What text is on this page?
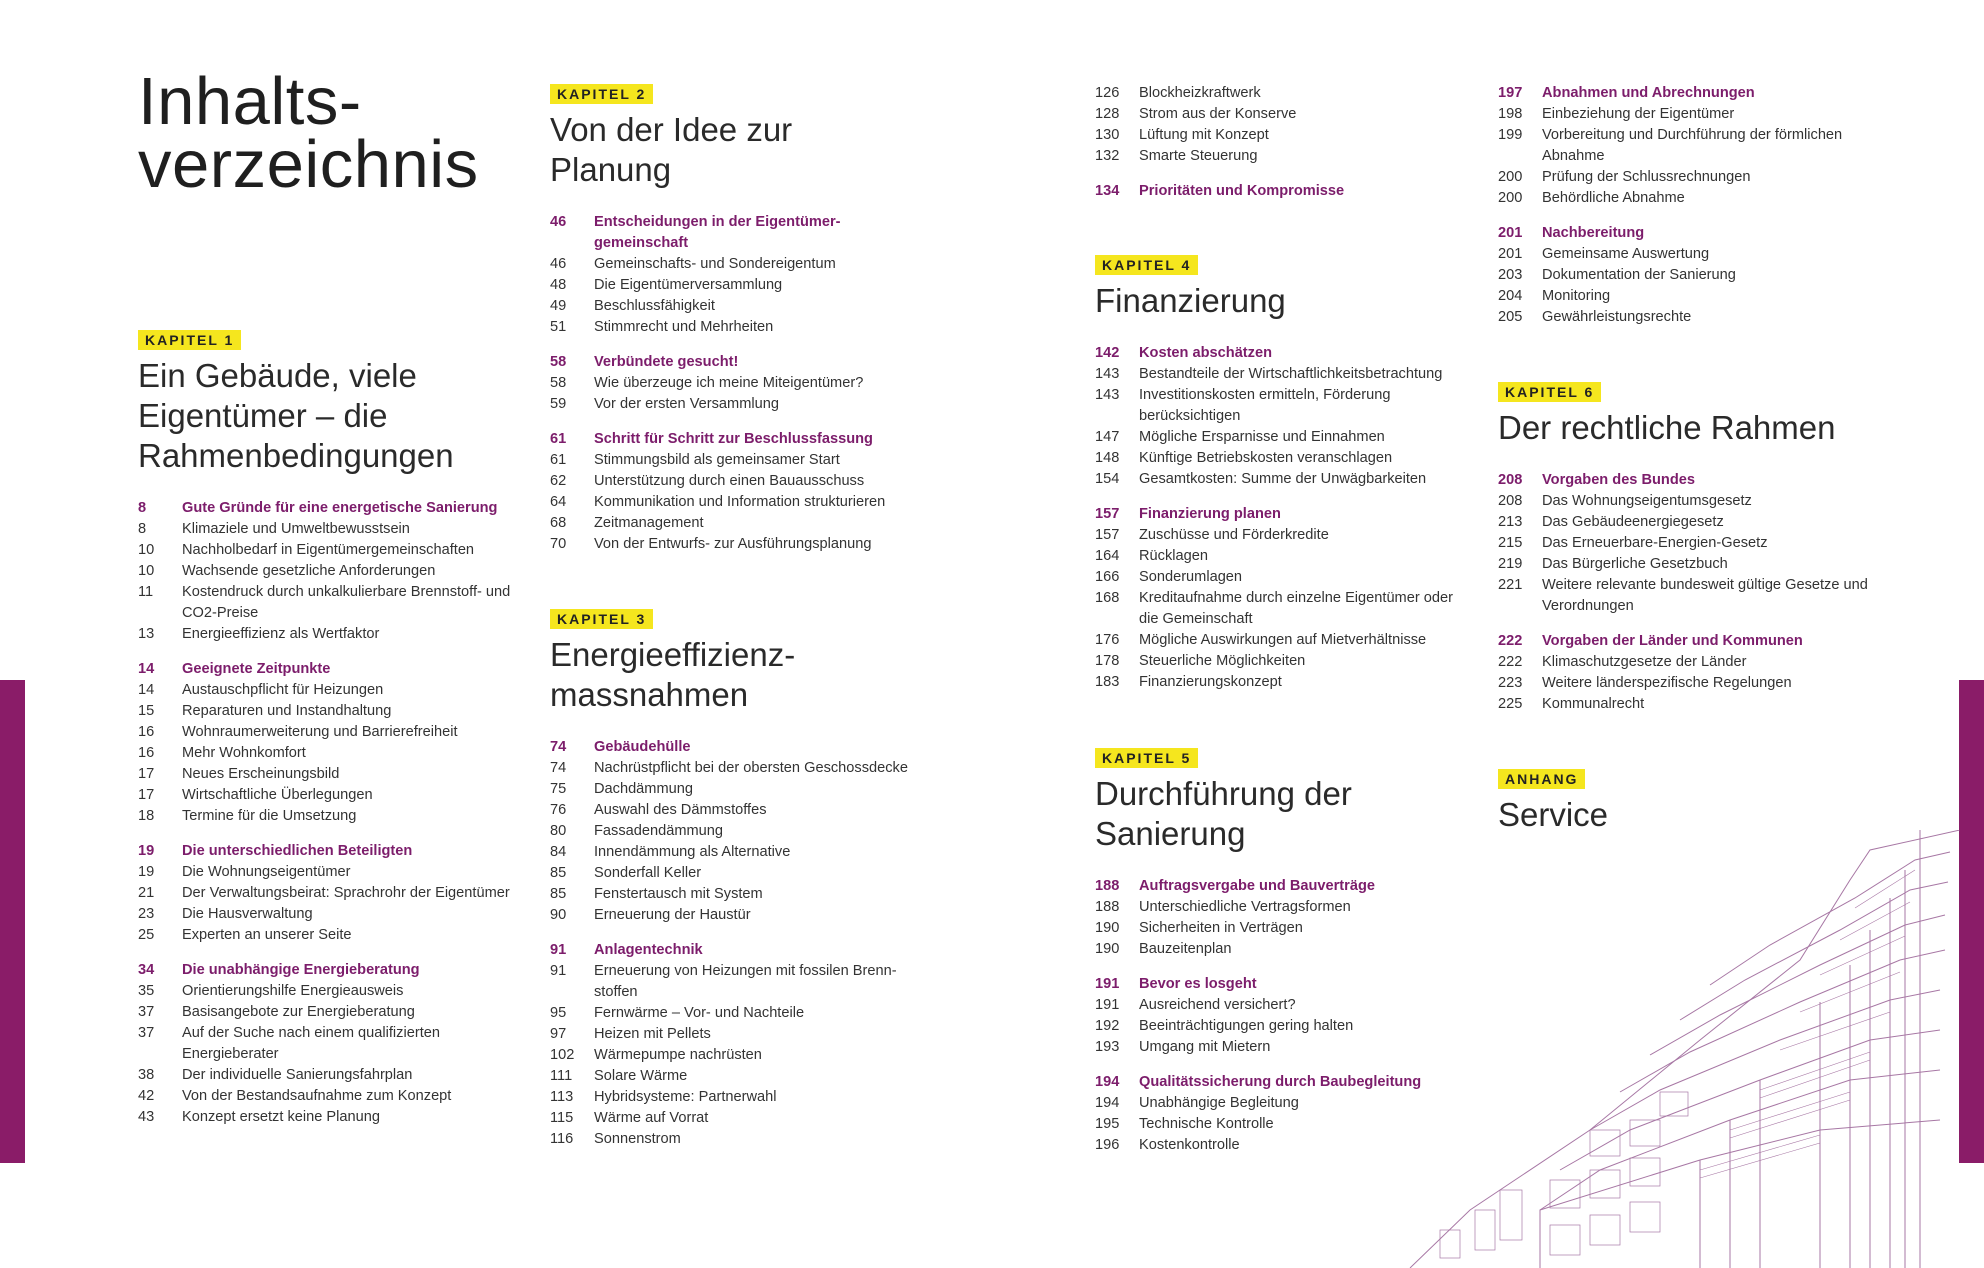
Inhalts-
verzeichnis
KAPITEL 1
Ein Gebäude, viele
Eigentümer – die
Rahmenbedingungen
8	Gute Gründe für eine energetische Sanierung
8	Klimaziele und Umweltbewusstsein
10	Nachholbedarf in Eigentümergemeinschaften
10	Wachsende gesetzliche Anforderungen
11	Kostendruck durch unkalkulierbare Brennstoff- und CO2-Preise
13	Energieeffizienz als Wertfaktor
14	Geeignete Zeitpunkte
14	Austauschpflicht für Heizungen
15	Reparaturen und Instandhaltung
16	Wohnraumerweiterung und Barrierefreiheit
16	Mehr Wohnkomfort
17	Neues Erscheinungsbild
17	Wirtschaftliche Überlegungen
18	Termine für die Umsetzung
19	Die unterschiedlichen Beteiligten
19	Die Wohnungseigentümer
21	Der Verwaltungsbeirat: Sprachrohr der Eigentümer
23	Die Hausverwaltung
25	Experten an unserer Seite
34	Die unabhängige Energieberatung
35	Orientierungshilfe Energieausweis
37	Basisangebote zur Energieberatung
37	Auf der Suche nach einem qualifizierten Energieberater
38	Der individuelle Sanierungsfahrplan
42	Von der Bestandsaufnahme zum Konzept
43	Konzept ersetzt keine Planung
KAPITEL 2
Von der Idee zur
Planung
46	Entscheidungen in der Eigentümer-gemeinschaft
46	Gemeinschafts- und Sondereigentum
48	Die Eigentümerversammlung
49	Beschlussfähigkeit
51	Stimmrecht und Mehrheiten
58	Verbündete gesucht!
58	Wie überzeuge ich meine Miteigentümer?
59	Vor der ersten Versammlung
61	Schritt für Schritt zur Beschlussfassung
61	Stimmungsbild als gemeinsamer Start
62	Unterstützung durch einen Bauausschuss
64	Kommunikation und Information strukturieren
68	Zeitmanagement
70	Von der Entwurfs- zur Ausführungsplanung
KAPITEL 3
Energieeffizienz-
massnahmen
74	Gebäudehülle
74	Nachrüstpflicht bei der obersten Geschossdecke
75	Dachdämmung
76	Auswahl des Dämmstoffes
80	Fassadendämmung
84	Innendämmung als Alternative
85	Sonderfall Keller
85	Fenstertausch mit System
90	Erneuerung der Haustür
91	Anlagentechnik
91	Erneuerung von Heizungen mit fossilen Brenn-stoffen
95	Fernwärme – Vor- und Nachteile
97	Heizen mit Pellets
102	Wärmepumpe nachrüsten
111	Solare Wärme
113	Hybridsysteme: Partnerwahl
115	Wärme auf Vorrat
116	Sonnenstrom
126	Blockheizkraftwerk
128	Strom aus der Konserve
130	Lüftung mit Konzept
132	Smarte Steuerung
134	Prioritäten und Kompromisse
KAPITEL 4
Finanzierung
142	Kosten abschätzen
143	Bestandteile der Wirtschaftlichkeitsbetrachtung
143	Investitionskosten ermitteln, Förderung berücksichtigen
147	Mögliche Ersparnisse und Einnahmen
148	Künftige Betriebskosten veranschlagen
154	Gesamtkosten: Summe der Unwägbarkeiten
157	Finanzierung planen
157	Zuschüsse und Förderkredite
164	Rücklagen
166	Sonderumlagen
168	Kreditaufnahme durch einzelne Eigentümer oder die Gemeinschaft
176	Mögliche Auswirkungen auf Mietverhältnisse
178	Steuerliche Möglichkeiten
183	Finanzierungskonzept
KAPITEL 5
Durchführung der
Sanierung
188	Auftragsvergabe und Bauverträge
188	Unterschiedliche Vertragsformen
190	Sicherheiten in Verträgen
190	Bauzeitenplan
191	Bevor es losgeht
191	Ausreichend versichert?
192	Beeinträchtigungen gering halten
193	Umgang mit Mietern
194	Qualitätssicherung durch Baubegleitung
194	Unabhängige Begleitung
195	Technische Kontrolle
196	Kostenkontrolle
197	Abnahmen und Abrechnungen
198	Einbeziehung der Eigentümer
199	Vorbereitung und Durchführung der förmlichen Abnahme
200	Prüfung der Schlussrechnungen
200	Behördliche Abnahme
201	Nachbereitung
201	Gemeinsame Auswertung
203	Dokumentation der Sanierung
204	Monitoring
205	Gewährleistungsrechte
KAPITEL 6
Der rechtliche Rahmen
208	Vorgaben des Bundes
208	Das Wohnungseigentumsgesetz
213	Das Gebäudeenergiegesetz
215	Das Erneuerbare-Energien-Gesetz
219	Das Bürgerliche Gesetzbuch
221	Weitere relevante bundesweit gültige Gesetze und Verordnungen
222	Vorgaben der Länder und Kommunen
222	Klimaschutzgesetze der Länder
223	Weitere länderspezifische Regelungen
225	Kommunalrecht
ANHANG
Service
